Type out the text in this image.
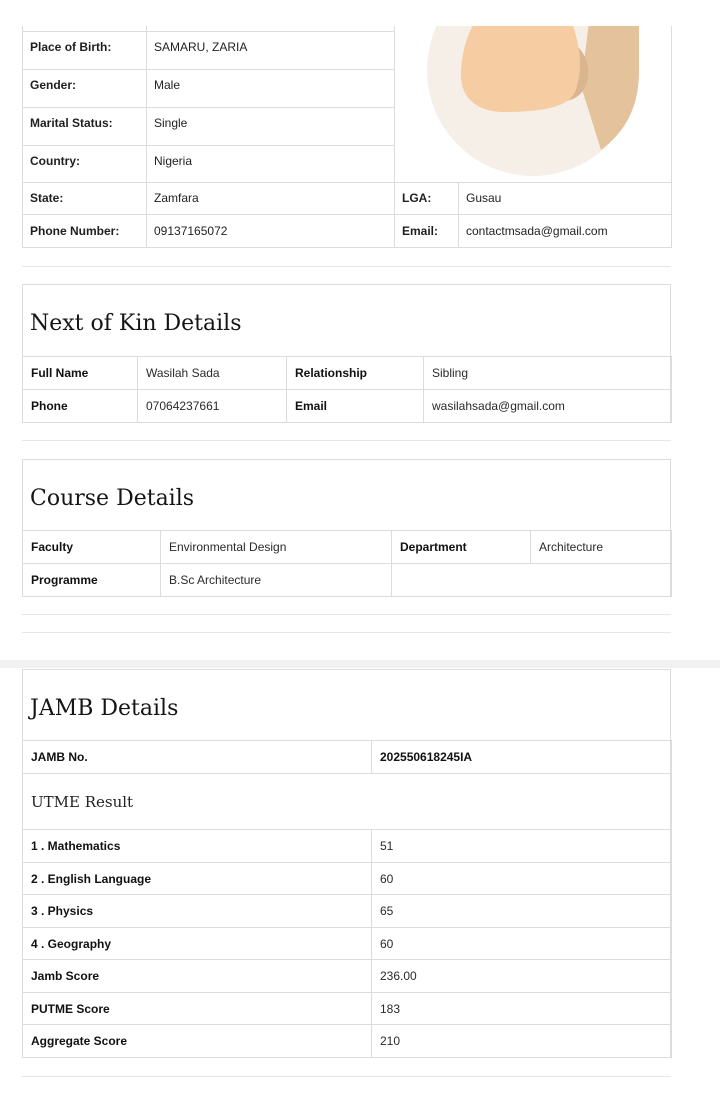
Place of Birth:	SAMARU, ZARIA
Gender:	Male
Marital Status:	Single
Country:	Nigeria
State:	Zamfara	LGA:	Gusau
Phone Number:	09137165072	Email: contactmsada@gmail.com
Next of Kin Details
Full Name	Wasilah Sada	Relationship	Sibling
Phone	07064237661	Email	wasilahsada@gmail.com
Course Details
Faculty	Environmental Design	Department	Architecture
Programme	B.Sc Architecture		
JAMB Details
JAMB No.	202550618245IA
UTME Result	
1 . Mathematics	51
2 . English Language	60
3 . Physics	65
4 . Geography	60
Jamb Score	236.00
PUTME Score	183
Aggregate Score	210
